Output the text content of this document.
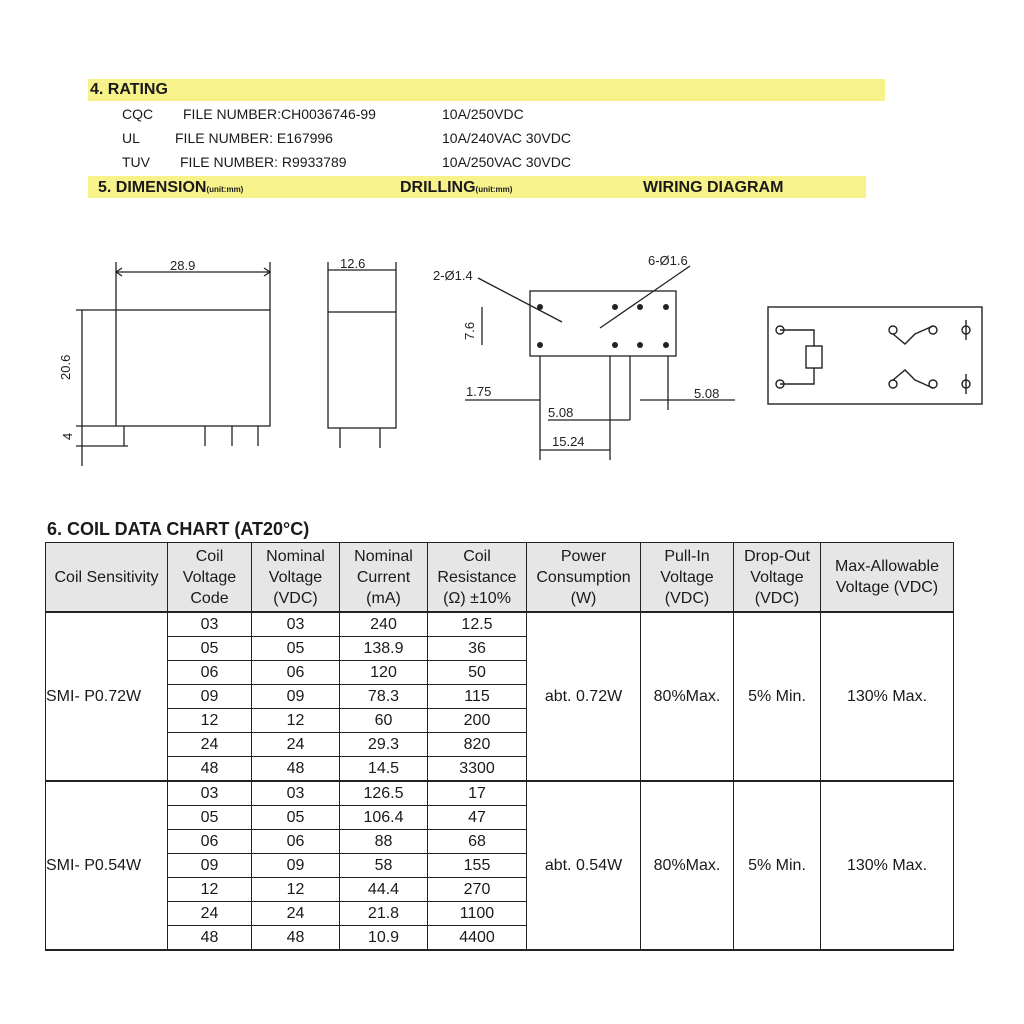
4. RATING
CQC FILE NUMBER:CH0036746-99	10A/250VDC
UL	FILE NUMBER: E167996	10A/240VAC 30VDC
TUV FILE NUMBER: R9933789	10A/250VAC 30VDC
5. DIMENSION(unit:mm)	DRILLING(unit:mm)	WIRING DIAGRAM
28.9
20.6
4
12.6
2-Ø1.4
6-Ø1.6
7.6
1.75
5.08
5.08
15.24
6. COIL DATA CHART (AT20°C)
Coil Sensitivity	Coil Voltage Code	Nominal Voltage (VDC)	Nominal Current (mA)	Coil Resistance (Ω) ±10%	Power Consumption (W)	Pull-In Voltage (VDC)	Drop-Out Voltage (VDC)	Max-Allowable Voltage (VDC)
SMI- P0.72W	03	03	240	12.5	abt. 0.72W	80%Max.	5% Min.	130% Max.
	05	05	138.9	36				
	06	06	120	50				
	09	09	78.3	115				
	12	12	60	200				
	24	24	29.3	820				
	48	48	14.5	3300				
SMI- P0.54W	03	03	126.5	17	abt. 0.54W	80%Max.	5% Min.	130% Max.
	05	05	106.4	47				
	06	06	88	68				
	09	09	58	155				
	12	12	44.4	270				
	24	24	21.8	1100				
	48	48	10.9	4400				
